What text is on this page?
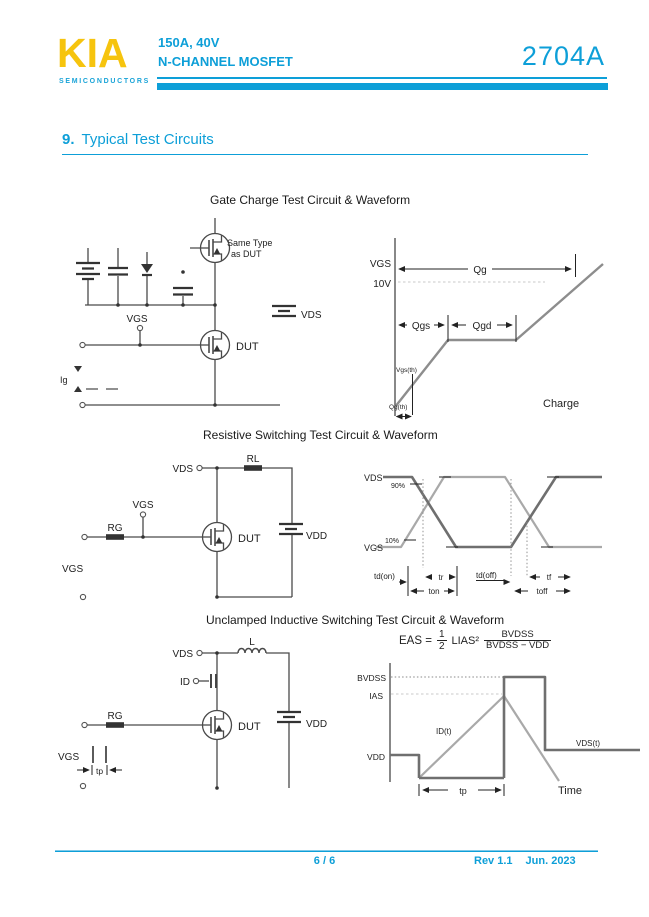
KIA
SEMICONDUCTORS
150A, 40V
N-CHANNEL MOSFET	2704A
9. Typical Test Circuits
Gate Charge Test Circuit & Waveform
Resistive Switching Test Circuit & Waveform
Unclamped Inductive Switching Test Circuit & Waveform
Same Type
as DUT
DUT
VGS
Ig
VDS
VGS
10V
Qg
Qgs	Qgd
Vgs(th)
Qg(th)	Charge
VDS
RL
VDD
RG
VGS
DUT
VGS
VDS
VGS
90%
10%
td(on)	tr
ton
td(off)	tf
toff
EAS = $\frac{1}{2}$ LIAS² $\frac{\text{BVDSS}}{\text{BVDSS − VDD}}$
VDS
L
VDD
ID
RG
DUT
VGS
tp
BVDSS
IAS
VDD
ID(t)
VDS(t)
tp	Time
6 / 6	Rev 1.1 Jun. 2023
